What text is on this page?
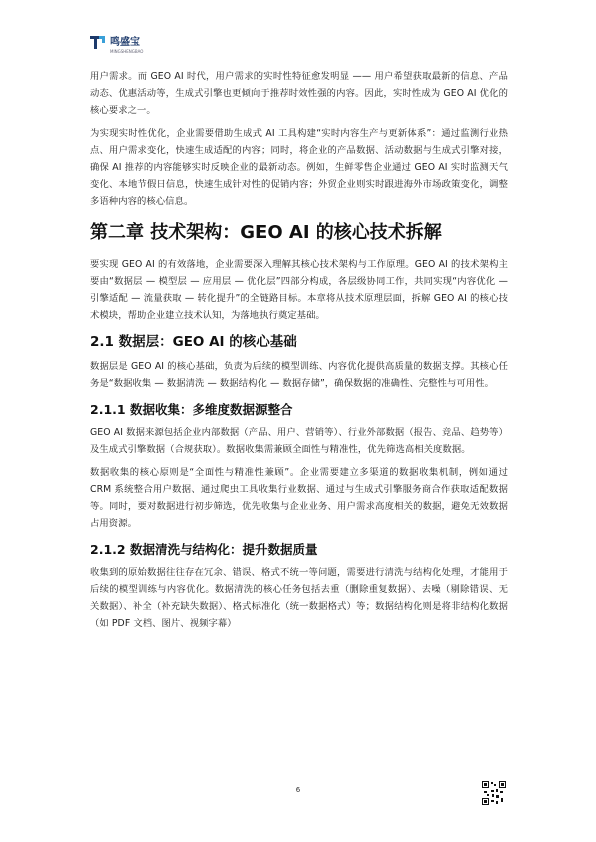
鸣盛宝
MINGSHENGBAO

用户需求。而 GEO AI 时代，用户需求的实时性特征愈发明显 —— 用户希望获取最新的信息、产品动态、优惠活动等，生成式引擎也更倾向于推荐时效性强的内容。因此，实时性成为 GEO AI 优化的核心要求之一。

为实现实时性优化，企业需要借助生成式 AI 工具构建“实时内容生产与更新体系”：通过监测行业热点、用户需求变化，快速生成适配的内容；同时，将企业的产品数据、活动数据与生成式引擎对接，确保 AI 推荐的内容能够实时反映企业的最新动态。例如，生鲜零售企业通过 GEO AI 实时监测天气变化、本地节假日信息，快速生成针对性的促销内容；外贸企业则实时跟进海外市场政策变化，调整多语种内容的核心信息。

第二章 技术架构：GEO AI 的核心技术拆解

要实现 GEO AI 的有效落地，企业需要深入理解其核心技术架构与工作原理。GEO AI 的技术架构主要由“数据层 — 模型层 — 应用层 — 优化层”四部分构成，各层级协同工作，共同实现“内容优化 — 引擎适配 — 流量获取 — 转化提升”的全链路目标。本章将从技术原理层面，拆解 GEO AI 的核心技术模块，帮助企业建立技术认知，为落地执行奠定基础。

2.1 数据层：GEO AI 的核心基础

数据层是 GEO AI 的核心基础，负责为后续的模型训练、内容优化提供高质量的数据支撑。其核心任务是“数据收集 — 数据清洗 — 数据结构化 — 数据存储”，确保数据的准确性、完整性与可用性。

2.1.1 数据收集：多维度数据源整合

GEO AI 数据来源包括企业内部数据（产品、用户、营销等）、行业外部数据（报告、竞品、趋势等）及生成式引擎数据（合规获取）。数据收集需兼顾全面性与精准性，优先筛选高相关度数据。

数据收集的核心原则是“全面性与精准性兼顾”。企业需要建立多渠道的数据收集机制，例如通过 CRM 系统整合用户数据、通过爬虫工具收集行业数据、通过与生成式引擎服务商合作获取适配数据等。同时，要对数据进行初步筛选，优先收集与企业业务、用户需求高度相关的数据，避免无效数据占用资源。

2.1.2 数据清洗与结构化：提升数据质量

收集到的原始数据往往存在冗余、错误、格式不统一等问题，需要进行清洗与结构化处理，才能用于后续的模型训练与内容优化。数据清洗的核心任务包括去重（删除重复数据）、去噪（剔除错误、无关数据）、补全（补充缺失数据）、格式标准化（统一数据格式）等；数据结构化则是将非结构化数据（如 PDF 文档、图片、视频字幕）

6
